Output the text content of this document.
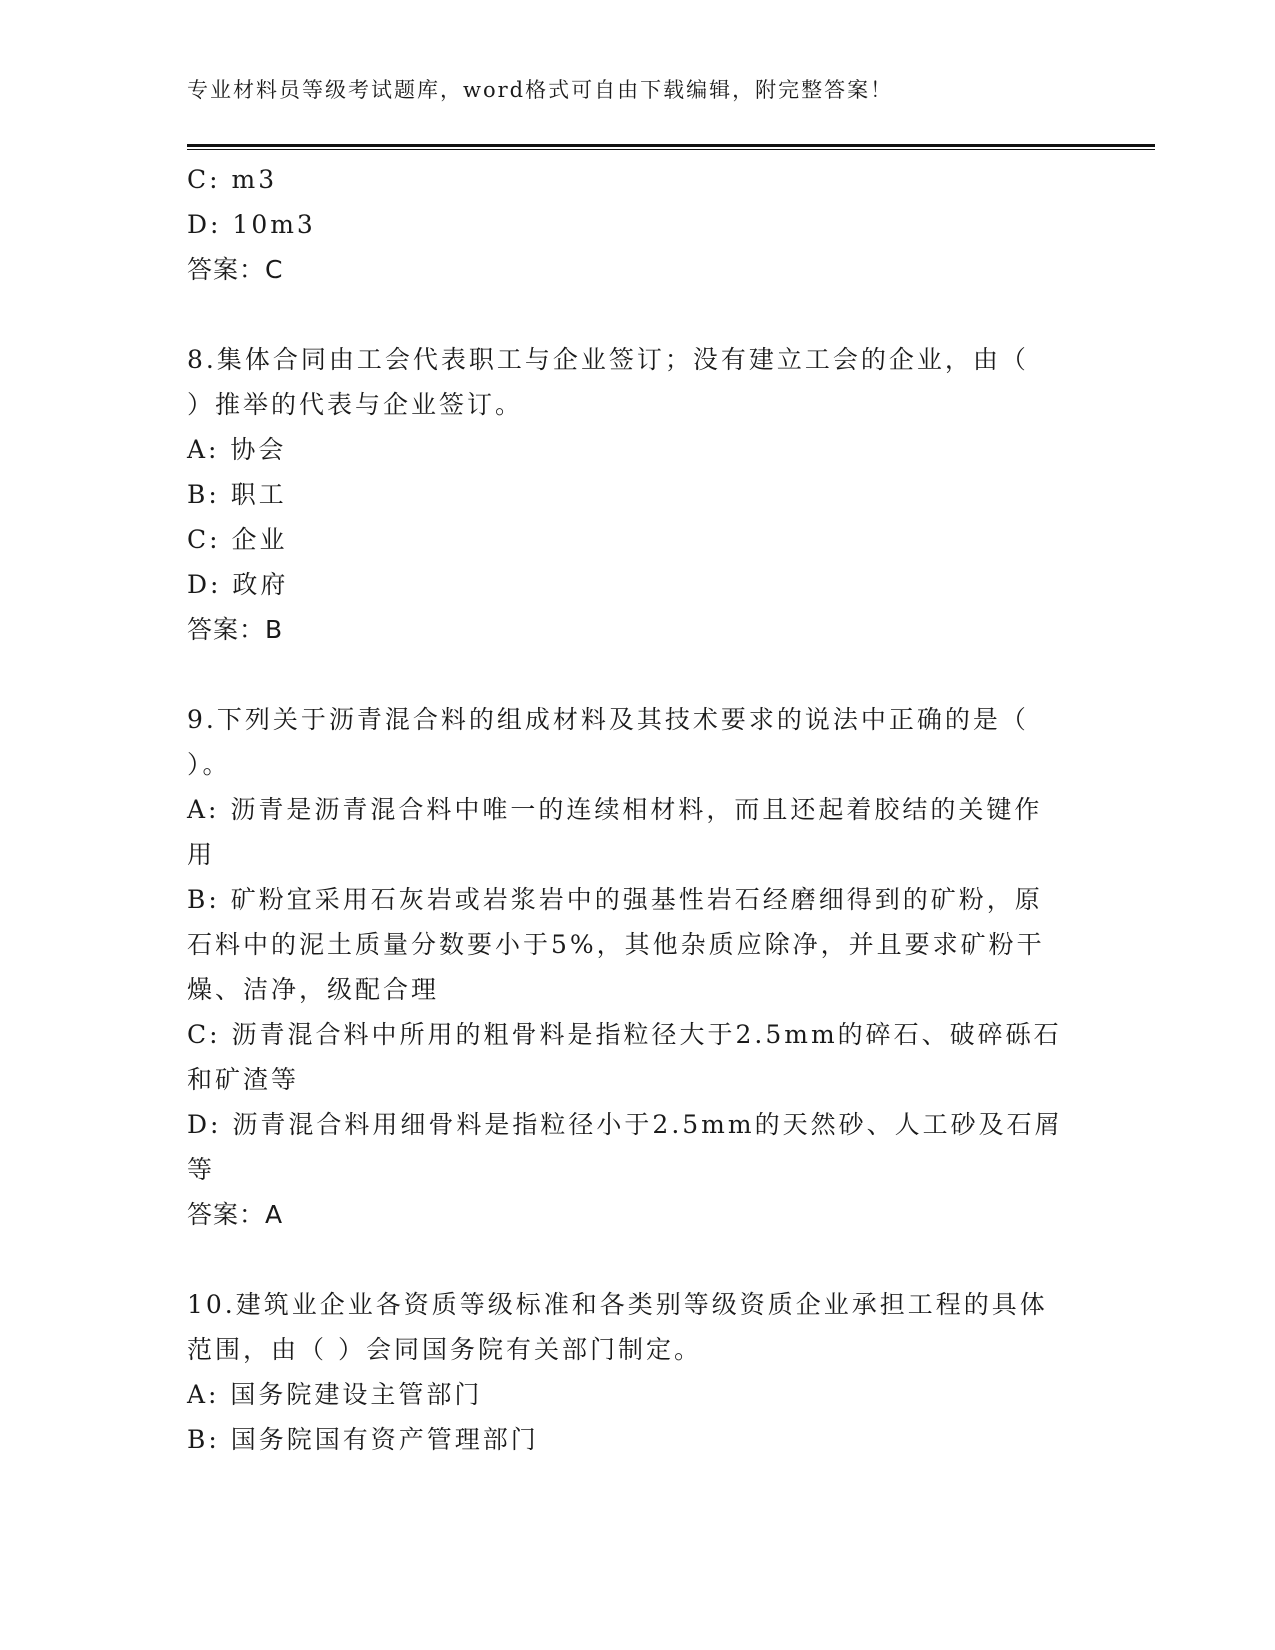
专业材料员等级考试题库，word格式可自由下载编辑，附完整答案！
C: m3
D: 10m3
答案：C
8.集体合同由工会代表职工与企业签订；没有建立工会的企业，由（
）推举的代表与企业签订。
A: 协会
B: 职工
C: 企业
D: 政府
答案：B
9.下列关于沥青混合料的组成材料及其技术要求的说法中正确的是（
）。
A: 沥青是沥青混合料中唯一的连续相材料，而且还起着胶结的关键作
用
B: 矿粉宜采用石灰岩或岩浆岩中的强基性岩石经磨细得到的矿粉，原
石料中的泥土质量分数要小于5%，其他杂质应除净，并且要求矿粉干
燥、洁净，级配合理
C: 沥青混合料中所用的粗骨料是指粒径大于2.5mm的碎石、破碎砾石
和矿渣等
D: 沥青混合料用细骨料是指粒径小于2.5mm的天然砂、人工砂及石屑
等
答案：A
10.建筑业企业各资质等级标准和各类别等级资质企业承担工程的具体
范围，由（ ）会同国务院有关部门制定。
A: 国务院建设主管部门
B: 国务院国有资产管理部门
